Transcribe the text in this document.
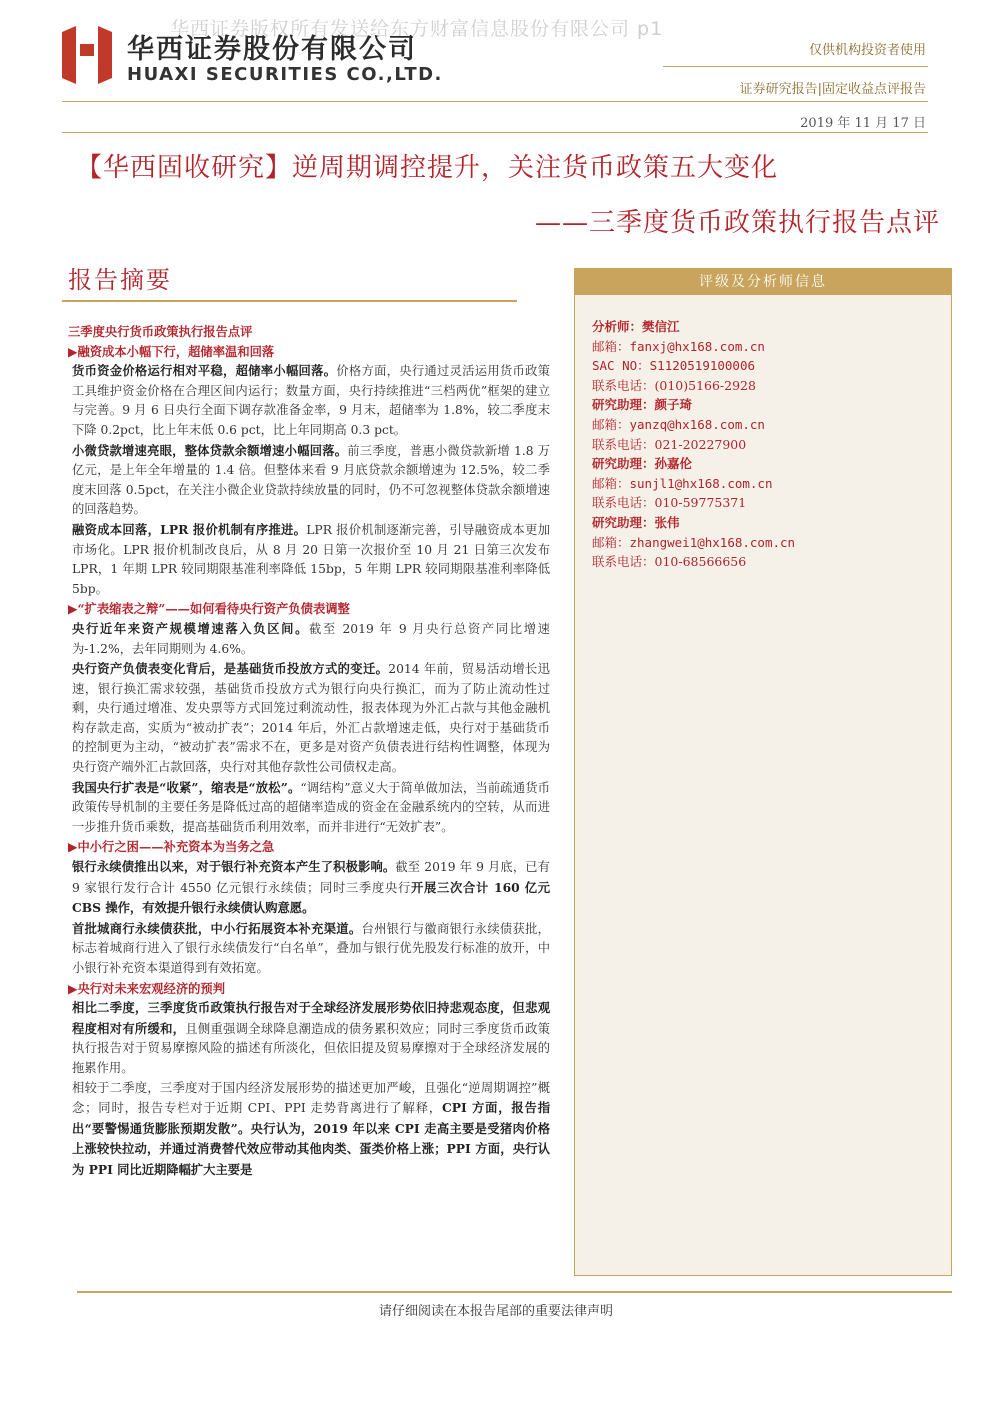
华西证券版权所有发送给东方财富信息股份有限公司 p1
华西证券股份有限公司
HUAXI SECURITIES CO.,LTD.
仅供机构投资者使用
证券研究报告|固定收益点评报告
2019 年 11 月 17 日
【华西固收研究】逆周期调控提升，关注货币政策五大变化
——三季度货币政策执行报告点评
报告摘要
三季度央行货币政策执行报告点评
▶融资成本小幅下行，超储率温和回落

货币资金价格运行相对平稳，超储率小幅回落。价格方面，央行通过灵活运用货币政策工具维护资金价格在合理区间内运行；数量方面，央行持续推进“三档两优”框架的建立与完善。9 月 6 日央行全面下调存款准备金率，9 月末，超储率为 1.8%，较二季度末下降 0.2pct，比上年末低 0.6 pct，比上年同期高 0.3 pct。

小微贷款增速亮眼，整体贷款余额增速小幅回落。前三季度，普惠小微贷款新增 1.8 万亿元，是上年全年增量的 1.4 倍。但整体来看 9 月底贷款余额增速为 12.5%，较二季度末回落 0.5pct，在关注小微企业贷款持续放量的同时，仍不可忽视整体贷款余额增速的回落趋势。

融资成本回落，LPR 报价机制有序推进。LPR 报价机制逐渐完善，引导融资成本更加市场化。LPR 报价机制改良后，从 8 月 20 日第一次报价至 10 月 21 日第三次发布 LPR，1 年期 LPR 较同期限基准利率降低 15bp，5 年期 LPR 较同期限基准利率降低 5bp。

▶“扩表缩表之辩”——如何看待央行资产负债表调整

央行近年来资产规模增速落入负区间。截至 2019 年 9 月央行总资产同比增速为-1.2%，去年同期则为 4.6%。

央行资产负债表变化背后，是基础货币投放方式的变迁。2014 年前，贸易活动增长迅速，银行换汇需求较强，基础货币投放方式为银行向央行换汇，而为了防止流动性过剩，央行通过增准、发央票等方式回笼过剩流动性，报表体现为外汇占款与其他金融机构存款走高，实质为“被动扩表”；2014 年后，外汇占款增速走低，央行对于基础货币的控制更为主动，“被动扩表”需求不在，更多是对资产负债表进行结构性调整，体现为央行资产端外汇占款回落，央行对其他存款性公司债权走高。

我国央行扩表是“收紧”，缩表是“放松”。“调结构”意义大于简单做加法，当前疏通货币政策传导机制的主要任务是降低过高的超储率造成的资金在金融系统内的空转，从而进一步推升货币乘数，提高基础货币利用效率，而并非进行“无效扩表”。

▶中小行之困——补充资本为当务之急

银行永续债推出以来，对于银行补充资本产生了积极影响。截至 2019 年 9 月底，已有 9 家银行发行合计 4550 亿元银行永续债；同时三季度央行开展三次合计 160 亿元 CBS 操作，有效提升银行永续债认购意愿。

首批城商行永续债获批，中小行拓展资本补充渠道。台州银行与徽商银行永续债获批，标志着城商行进入了银行永续债发行“白名单”，叠加与银行优先股发行标准的放开，中小银行补充资本渠道得到有效拓宽。

▶央行对未来宏观经济的预判

相比二季度，三季度货币政策执行报告对于全球经济发展形势依旧持悲观态度，但悲观程度相对有所缓和，且侧重强调全球降息潮造成的债务累积效应；同时三季度货币政策执行报告对于贸易摩擦风险的描述有所淡化，但依旧提及贸易摩擦对于全球经济发展的拖累作用。

相较于二季度，三季度对于国内经济发展形势的描述更加严峻，且强化“逆周期调控”概念；同时，报告专栏对于近期 CPI、PPI 走势背离进行了解释，CPI 方面，报告指出“要警惕通货膨胀预期发散”。央行认为，2019 年以来 CPI 走高主要是受猪肉价格上涨较快拉动，并通过消费替代效应带动其他肉类、蛋类价格上涨；PPI 方面，央行认为 PPI 同比近期降幅扩大主要是

评级及分析师信息
分析师：樊信江
邮箱：fanxj@hx168.com.cn
SAC NO：S1120519100006
联系电话：(010)5166-2928
研究助理：颜子琦
邮箱：yanzq@hx168.com.cn
联系电话：021-20227900
研究助理：孙嘉伦
邮箱：sunjl1@hx168.com.cn
联系电话：010-59775371
研究助理：张伟
邮箱：zhangwei1@hx168.com.cn
联系电话：010-68566656
请仔细阅读在本报告尾部的重要法律声明
